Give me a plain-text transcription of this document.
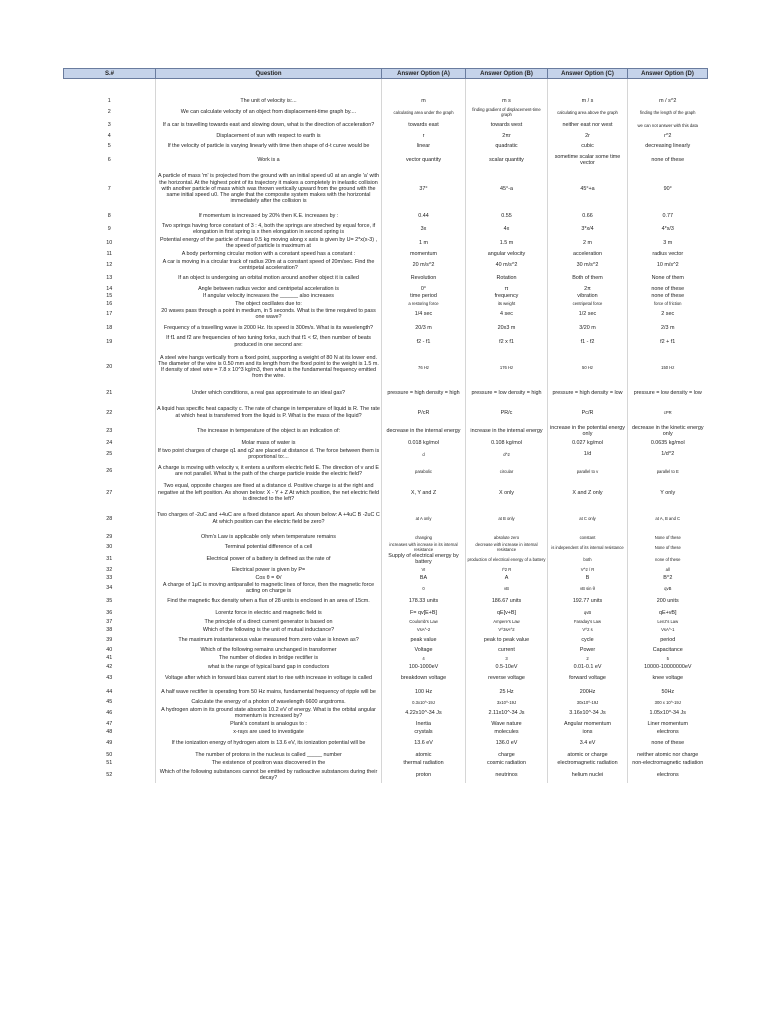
S.#	Question	Answer Option (A)	Answer Option (B)	Answer Option (C)	Answer Option (D)

1	The unit of velocity is:...	m	m s	m / s	m / s^2
2	We can calculate velocity of an object from displacement-time graph by....	calculating area under the graph	finding gradient of displacement-time graph	calculating area above the graph	finding the length of the graph
3	If a car is travelling towards east and slowing down, what is the direction of acceleration?	towards east	towards west	neither east nor west	we can not answer with this data
4	Displacement of sun with respect to earth is	r	2πr	2r	r^2
5	If the velocity of particle is varying linearly with time then shape of d-t curve would be	linear	quadratic	cubic	decreasing linearly
6	Work is a	vector quantity	scalar quantity	sometime scalar some time vector	none of these
7	A particle of mass 'm' is projected from the ground with an initial speed u0 at an angle 'a' with the horizontal. At the highest point of its trajectory it makes a completely in inelastic collision with another particle of mass which was thrown vertically upward from the ground with the same initial speed u0. The angle that the composite system makes with the horizontal immediately after the collision is	37°	45°-a	45°+a	90°
8	If momentum is increased by 20% then K.E. increases by :	0.44	0.55	0.66	0.77
9	Two springs having force constant of 3 : 4, both the springs are streched by equal force, if elongation in first spring is x then elongation in second spring is	3x	4x	3*x/4	4*x/3
10	Potential energy of the particle of mass 0.5 kg moving along x axis is given by U= 2*x(x-3) , the speed of particle is maximum at	1 m	1.5 m	2 m	3 m
11	A body performing circular motion with a constant speed has a constant :	momentum	angular velocity	acceleration	radius vector
12	A car is moving in a circular track of radius 20m at a constant speed of 20m/sec. Find the centripetal acceleration?	20 m/s^2	40 m/s^2	30 m/s^2	10 m/s^2
13	If an object is undergoing an orbital motion around another object it is called	Revolution	Rotation	Both of them	None of them
14	Angle between radius vector and centripetal acceleration is	0°	π	2π	none of these
15	If angular velocity increases the ______ also increases	time period	frequency	vibration	none of these
16	The object oscillates due to:	a restoring force	its weight	centripetal force	force of friction
17	20 waves pass through a point in medium, in 5 seconds. What is the time required to pass one wave?	1/4 sec	4 sec	1/2 sec	2 sec
18	Frequency of a travelling wave is 2000 Hz. Its speed is 300m/s. What is its wavelength?	20/3 m	20x3 m	3/20 m	2/3 m
19	If f1 and f2 are frequencies of two tuning forks, such that f1 < f2, then number of beats produced in one second are:	f2 - f1	f2 x f1	f1 - f2	f2 + f1
20	A steel wire hangs vertically from a fixed point, supporting a weight of 80 N at its lower end. The diameter of the wire is 0.50 mm and its length from the fixed point to the weight is 1.5 m. If density of steel wire = 7.8 x 10^3 kg/m3, then what is the fundamental frequency emitted from the wire.	76 Hz	176 Hz	50 Hz	150 Hz
21	Under which conditions, a real gas approximate to an ideal gas?	pressure = high density = high	pressure = low density = high	pressure = high density = low	pressure = low density = low
22	A liquid has specific heat capacity c. The rate of change in temperature of liquid is R. The rate at which heat is transferred from the liquid is P. What is the mass of the liquid?	P/cR	PR/c	Pc/R	cPR
23	The increase in temperature of the object is an indication of:	decrease in the internal energy	increase in the internal energy	increase in the potential energy only	decrease in the kinetic energy only
24	Molar mass of water is	0.018 kg/mol	0.108 kg/mol	0.027 kg/mol	0.0635 kg/mol
25	If two point charges of charge q1 and q2 are placed at distance d. The force between them is proportional to:...	d	d^2	1/d	1/d^2
26	A charge is moving with velocity v, it enters a uniform electric field E. The direction of v and E are not parallel. What is the path of the charge particle inside the electric field?	parabolic	circular	parallel to v	parallel to E
27	Two equal, opposite charges are fixed at a distance d. Positive charge is at the right and negative at the left position. As shown below: X - Y + Z At which position, the net electric field is directed to the left?	X, Y and Z	X only	X and Z only	Y only
28	Two charges of -2uC and +4uC are a fixed distance apart. As shown below: A +4uC B -2uC C At which position can the electric field be zero?	at A only	at B only	at C only	at A, B and C
29	Ohm's Law is applicable only when temperature remains	changing	absolute zero	constant	None of these
30	Terminal potential difference of a cell	increases with increase in its internal resistance	decrease with increase in internal resistance	is independent of its internal resistance	None of these
31	Electrical power of a battery is defined as the rate of	Supply of electrical energy by battery	production of electrical energy of a battery	both	none of these
32	Electrical power is given by P=	VI	I^2 R	V^2 / R	all
33	Cos θ = Φ/	BA	A	B	B^2
34	A charge of 1μC is moving antiparallel to magnetic lines of force, then the magnetic force acting on charge is	0	vB	vB sin θ	qvB
35	Find the magnetic flux density when a flux of 28 units is enclosed in an area of 15cm.	178.33 units	186.67 units	192.77 units	200 units
36	Lorentz force in electric and magnetic field is	F= qv[E+B]	qE[v+B]	qvB	qE+vB]
37	The principle of a direct current generator is based on	Coulomb's Law	Ampere's Law	Faraday's Law	Lenz's Law
38	Which of the following is the unit of mutual inductance?	VsA^-2	V^3sA^2	V^2 s	VsA^-1
39	The maximum instantaneous value measured from zero value is known as?	peak value	peak to peak value	cycle	period
40	Which of the following remains unchanged in transformer	Voltage	current	Power	Capacitance
41	The number of diodes in bridge rectifier is	4	3	2	5
42	what is the range of typical band gap in conductors	100-1000eV	0.5-10eV	0.01-0.1 eV	10000-10000000eV
43	Voltage after which in forward bias current start to rise with increase in voltage is called	breakdown voltage	reverse voltage	forward voltage	knee voltage
44	A half wave rectifier is operating from 50 Hz mains, fundamental frequency of ripple will be	100 Hz	25 Hz	200Hz	50Hz
45	Calculate the energy of a photon of wavelength 6600 angstroms.	0.3x10^-19J	3x10^-19J	30x10^-19J	300 x 10^-19J
46	A hydrogen atom in its ground state absorbs 10.2 eV of energy. What is the orbital angular momentum is increased by?	4.22x10^-34 Js	2.11x10^-34 Js	3.16x10^-34 Js	1.05x10^-34 Js
47	Plank's constant is analogus to :	Inertia	Wave nature	Angular momentum	Liner momentum
48	x-rays are used to investigate	crystals	molecules	ions	electrons
49	If the ionization energy of hydrogen atom is 13.6 eV, its ionization potential will be	13.6 eV	136.0 eV	3.4 eV	none of these
50	The number of protons in the nucleus is called _____ number	atomic	charge	atomic or charge	neither atomic nor charge
51	The existence of positron was discovered in the	thermal radiation	cosmic radiation	electromagnetic radiation	non-electromagnetic radiation
52	Which of the following substances cannot be emitted by radioactive substances during their decay?	proton	neutrinos	helium nuclei	electrons
